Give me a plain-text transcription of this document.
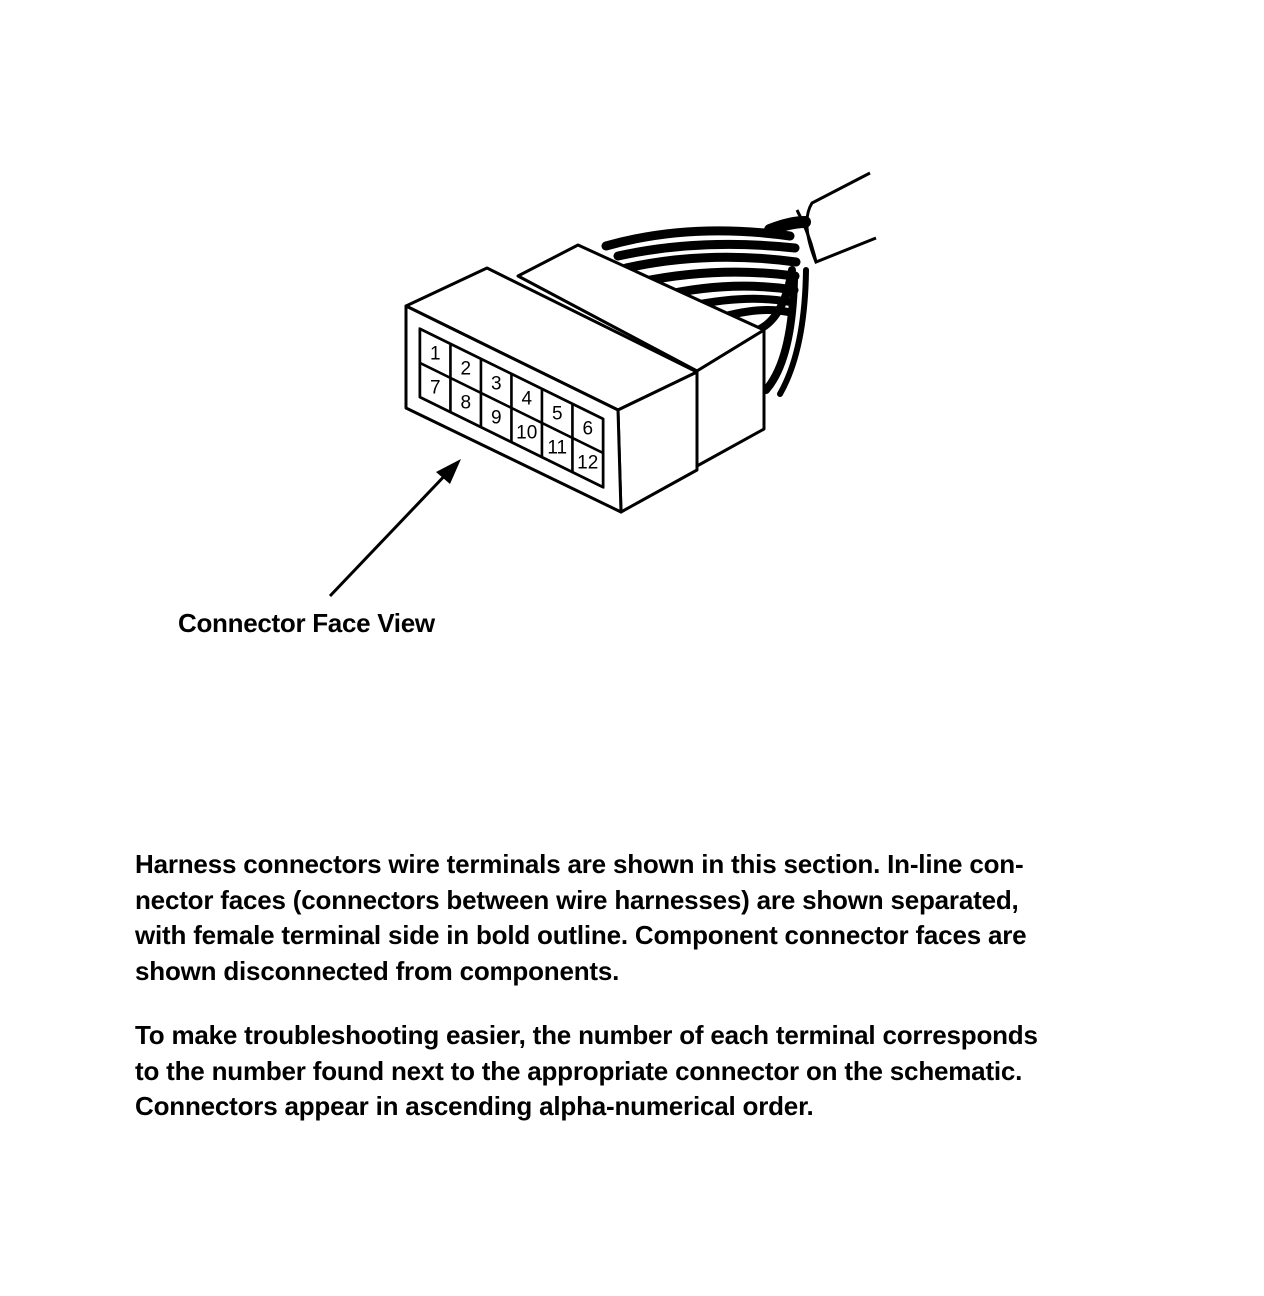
1
2
3
4
5
6
7
8
9
10
11
12
Connector Face View

Harness connectors wire terminals are shown in this section. In-line con-
nector faces (connectors between wire harnesses) are shown separated,
with female terminal side in bold outline. Component connector faces are
shown disconnected from components.

To make troubleshooting easier, the number of each terminal corresponds
to the number found next to the appropriate connector on the schematic.
Connectors appear in ascending alpha-numerical order.
